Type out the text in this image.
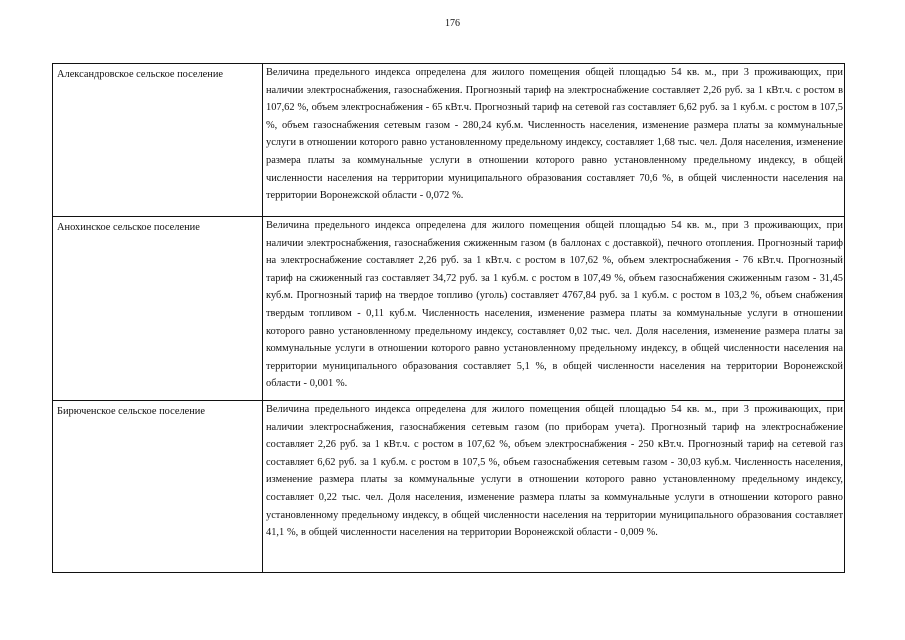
176
Александровское сельское поселение	Величина предельного индекса определена для жилого помещения общей площадью 54 кв. м., при 3 проживающих, при наличии электроснабжения, газоснабжения. Прогнозный тариф на электроснабжение составляет 2,26 руб. за 1 кВт.ч. с ростом в 107,62 %, объем электроснабжения - 65 кВт.ч. Прогнозный тариф на сетевой газ составляет 6,62 руб. за 1 куб.м. с ростом в 107,5 %, объем газоснабжения сетевым газом - 280,24 куб.м. Численность населения, изменение размера платы за коммунальные услуги в отношении которого равно установленному предельному индексу, составляет 1,68 тыс. чел. Доля населения, изменение размера платы за коммунальные услуги в отношении которого равно установленному предельному индексу, в общей численности населения на территории муниципального образования составляет 70,6 %, в общей численности населения на территории Воронежской области - 0,072 %.

Анохинское сельское поселение	Величина предельного индекса определена для жилого помещения общей площадью 54 кв. м., при 3 проживающих, при наличии электроснабжения, газоснабжения сжиженным газом (в баллонах с доставкой), печного отопления. Прогнозный тариф на электроснабжение составляет 2,26 руб. за 1 кВт.ч. с ростом в 107,62 %, объем электроснабжения - 76 кВт.ч. Прогнозный тариф на сжиженный газ составляет 34,72 руб. за 1 куб.м. с ростом в 107,49 %, объем газоснабжения сжиженным газом - 31,45 куб.м. Прогнозный тариф на твердое топливо (уголь) составляет 4767,84 руб. за 1 куб.м. с ростом в 103,2 %, объем снабжения твердым топливом - 0,11 куб.м. Численность населения, изменение размера платы за коммунальные услуги в отношении которого равно установленному предельному индексу, составляет 0,02 тыс. чел. Доля населения, изменение размера платы за коммунальные услуги в отношении которого равно установленному предельному индексу, в общей численности населения на территории муниципального образования составляет 5,1 %, в общей численности населения на территории Воронежской области - 0,001 %.

Бирюченское сельское поселение	Величина предельного индекса определена для жилого помещения общей площадью 54 кв. м., при 3 проживающих, при наличии электроснабжения, газоснабжения сетевым газом (по приборам учета). Прогнозный тариф на электроснабжение составляет 2,26 руб. за 1 кВт.ч. с ростом в 107,62 %, объем электроснабжения - 250 кВт.ч. Прогнозный тариф на сетевой газ составляет 6,62 руб. за 1 куб.м. с ростом в 107,5 %, объем газоснабжения сетевым газом - 30,03 куб.м. Численность населения, изменение размера платы за коммунальные услуги в отношении которого равно установленному предельному индексу, составляет 0,22 тыс. чел. Доля населения, изменение размера платы за коммунальные услуги в отношении которого равно установленному предельному индексу, в общей численности населения на территории муниципального образования составляет 41,1 %, в общей численности населения на территории Воронежской области - 0,009 %.
